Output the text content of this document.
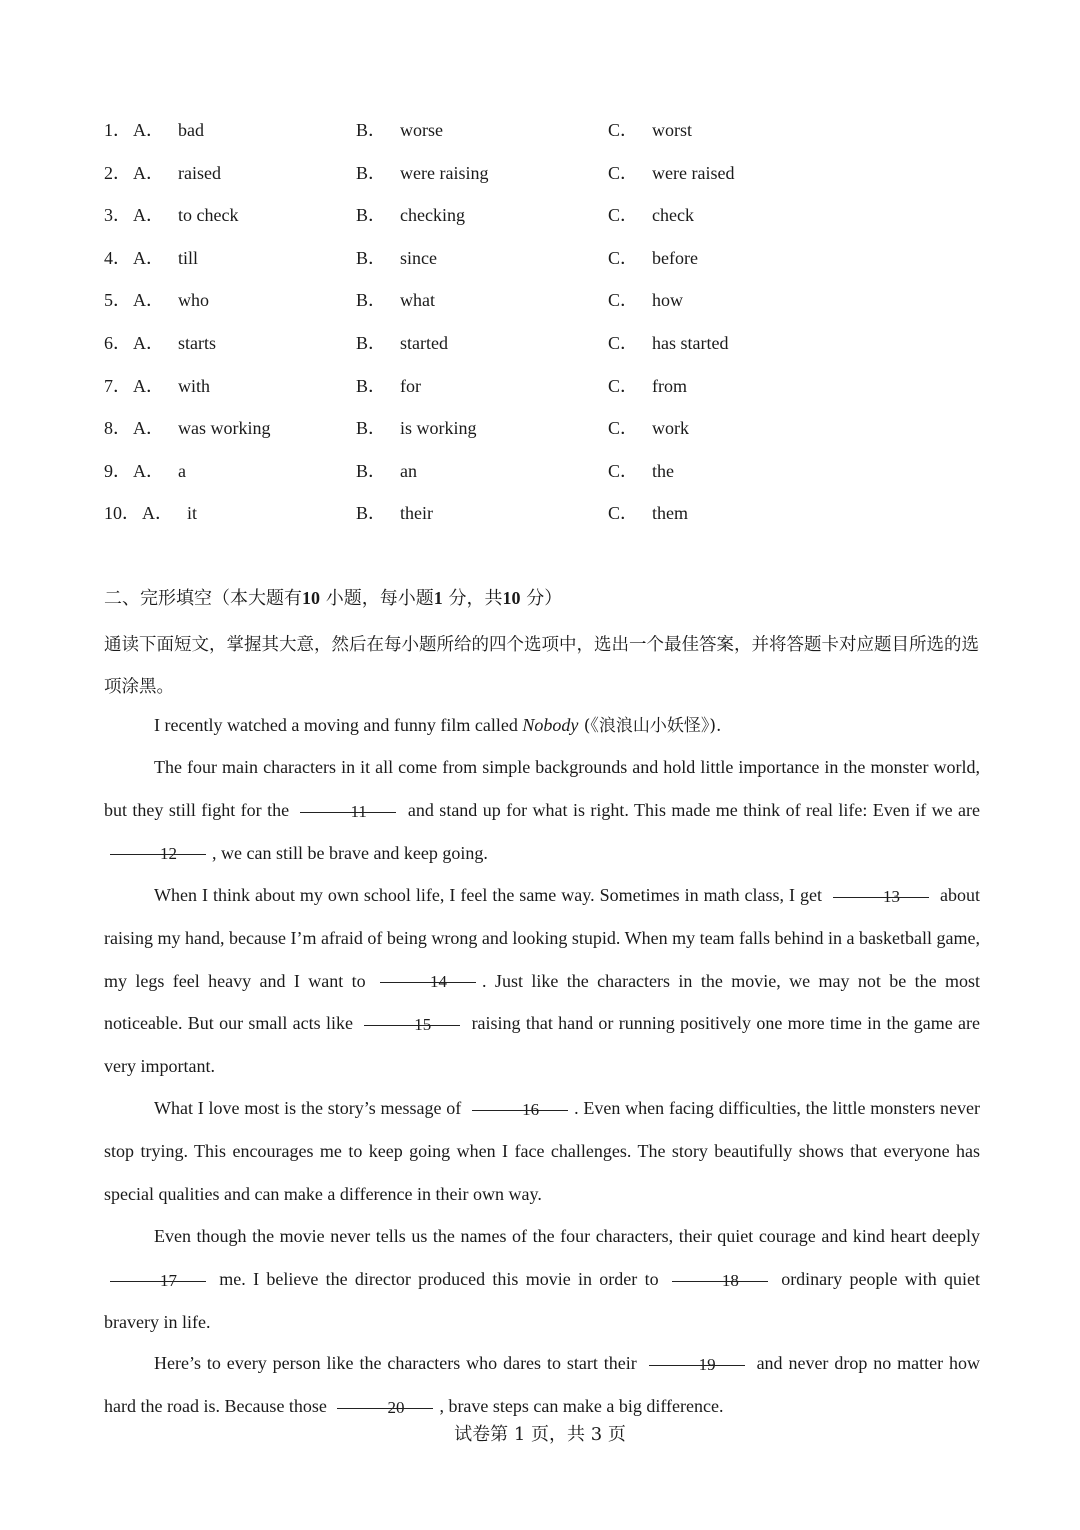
1． A． bad	B． worse	C． worst
2． A． raised	B． were raising	C． were raised
3． A． to check	B． checking	C． check
4． A． till	B． since	C． before
5． A． who	B． what	C． how
6． A． starts	B． started	C． has started
7． A． with	B． for	C． from
8． A． was working	B． is working	C． work
9． A． a	B． an	C． the
10． A． it	B． their	C． them
二、完形填空（本大题有10 小题，每小题1 分，共10 分）
通读下面短文，掌握其大意，然后在每小题所给的四个选项中，选出一个最佳答案，并将答题卡对应题目所选的选项涂黑。
I recently watched a moving and funny film called Nobody (《浪浪山小妖怪》).
The four main characters in it all come from simple backgrounds and hold little importance in the monster world, but they still fight for the	11 and stand up for what is right. This made me think of real life: Even if we are 12 , we can still be brave and keep going.
When I think about my own school life, I feel the same way. Sometimes in math class, I get	13 about raising my hand, because I’m afraid of being wrong and looking stupid. When my team falls behind in a basketball game, my legs feel heavy and I want to	14 . Just like the characters in the movie, we may not be the most noticeable. But our small acts like	15 raising that hand or running positively one more time in the game are very important.
What I love most is the story’s message of	16 . Even when facing difficulties, the little monsters never stop trying. This encourages me to keep going when I face challenges. The story beautifully shows that everyone has special qualities and can make a difference in their own way.
Even though the movie never tells us the names of the four characters, their quiet courage and kind heart deeply 17 me. I believe the director produced this movie in order to	18 ordinary people with quiet bravery in life.
Here’s to every person like the characters who dares to start their	19 and never drop no matter how hard the road is. Because those	20 , brave steps can make a big difference.
试卷第 1 页，共 3 页
